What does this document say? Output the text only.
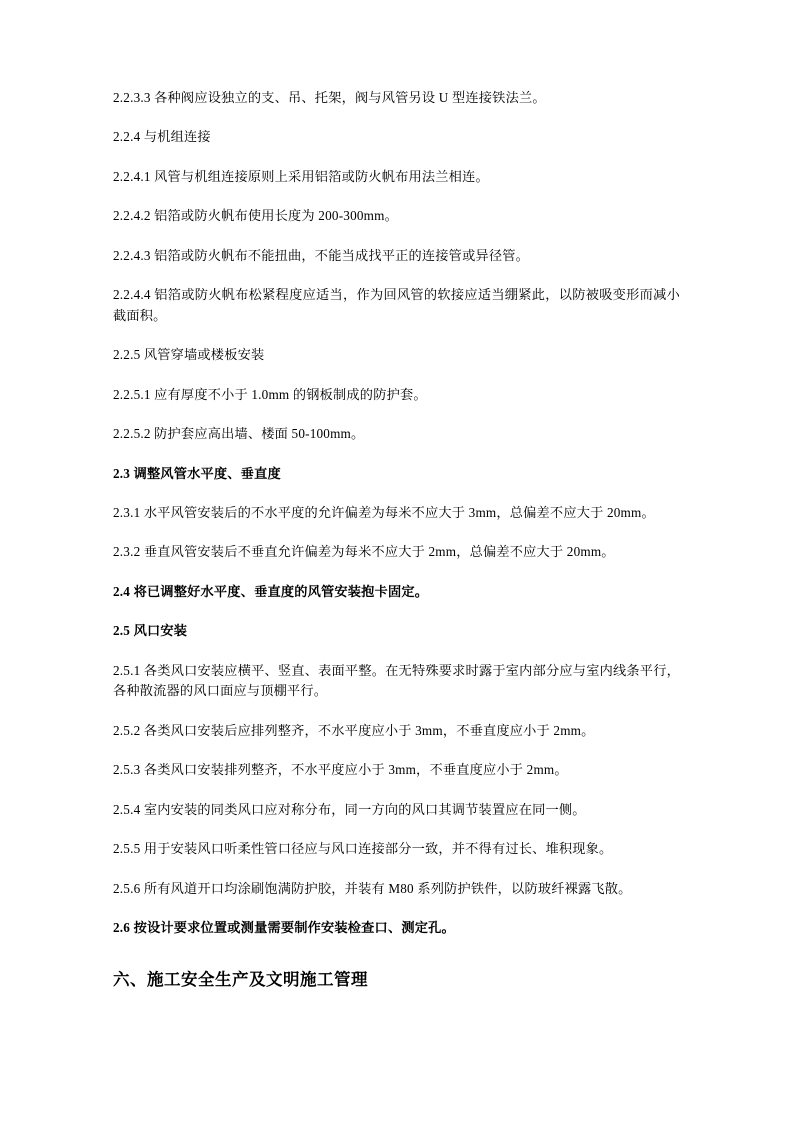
2.2.3.3 各种阀应设独立的支、吊、托架，阀与风管另设 U 型连接铁法兰。

2.2.4 与机组连接

2.2.4.1 风管与机组连接原则上采用铝箔或防火帆布用法兰相连。

2.2.4.2 铝箔或防火帆布使用长度为 200-300mm。

2.2.4.3 铝箔或防火帆布不能扭曲，不能当成找平正的连接管或异径管。

2.2.4.4 铝箔或防火帆布松紧程度应适当，作为回风管的软接应适当绷紧此，以防被吸变形而减小截面积。

2.2.5 风管穿墙或楼板安装

2.2.5.1 应有厚度不小于 1.0mm 的钢板制成的防护套。

2.2.5.2 防护套应高出墙、楼面 50-100mm。

2.3 调整风管水平度、垂直度

2.3.1 水平风管安装后的不水平度的允许偏差为每米不应大于 3mm，总偏差不应大于 20mm。

2.3.2 垂直风管安装后不垂直允许偏差为每米不应大于 2mm，总偏差不应大于 20mm。

2.4 将已调整好水平度、垂直度的风管安装抱卡固定。

2.5 风口安装

2.5.1 各类风口安装应横平、竖直、表面平整。在无特殊要求时露于室内部分应与室内线条平行，各种散流器的风口面应与顶棚平行。

2.5.2 各类风口安装后应排列整齐，不水平度应小于 3mm，不垂直度应小于 2mm。

2.5.3 各类风口安装排列整齐，不水平度应小于 3mm，不垂直度应小于 2mm。

2.5.4 室内安装的同类风口应对称分布，同一方向的风口其调节装置应在同一侧。

2.5.5 用于安装风口听柔性管口径应与风口连接部分一致，并不得有过长、堆积现象。

2.5.6 所有风道开口均涂刷饱满防护胶，并装有 M80 系列防护铁件，以防玻纤裸露飞散。

2.6 按设计要求位置或测量需要制作安装检查口、测定孔。

六、施工安全生产及文明施工管理
